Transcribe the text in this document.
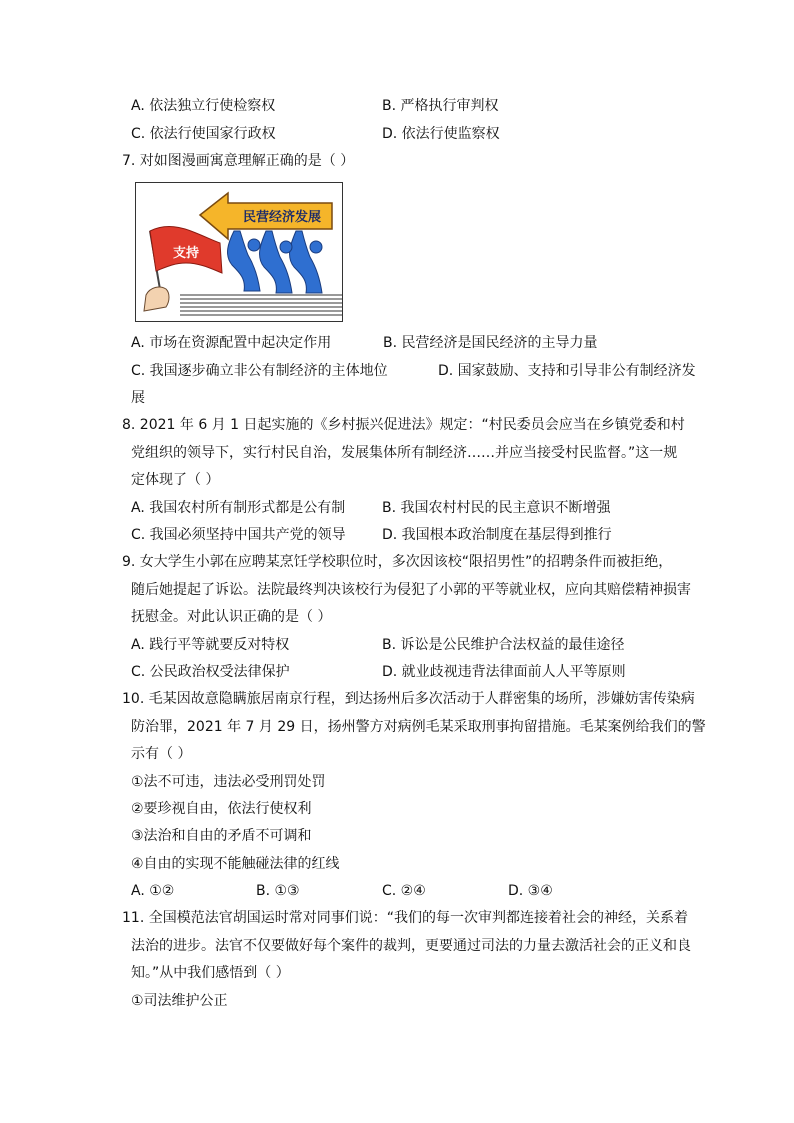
A. 依法独立行使检察权	B. 严格执行审判权
C. 依法行使国家行政权	D. 依法行使监察权
7. 对如图漫画寓意理解正确的是（ ）
民营经济发展
支持
A. 市场在资源配置中起决定作用	B. 民营经济是国民经济的主导力量
C. 我国逐步确立非公有制经济的主体地位	D. 国家鼓励、支持和引导非公有制经济发
展
8. 2021 年 6 月 1 日起实施的《乡村振兴促进法》规定：“村民委员会应当在乡镇党委和村
党组织的领导下，实行村民自治，发展集体所有制经济……并应当接受村民监督。”这一规
定体现了（ ）
A. 我国农村所有制形式都是公有制	B. 我国农村村民的民主意识不断增强
C. 我国必须坚持中国共产党的领导	D. 我国根本政治制度在基层得到推行
9. 女大学生小郭在应聘某烹饪学校职位时，多次因该校“限招男性”的招聘条件而被拒绝，
随后她提起了诉讼。法院最终判决该校行为侵犯了小郭的平等就业权，应向其赔偿精神损害
抚慰金。对此认识正确的是（ ）
A. 践行平等就要反对特权	B. 诉讼是公民维护合法权益的最佳途径
C. 公民政治权受法律保护	D. 就业歧视违背法律面前人人平等原则
10. 毛某因故意隐瞒旅居南京行程，到达扬州后多次活动于人群密集的场所，涉嫌妨害传染病
防治罪，2021 年 7 月 29 日，扬州警方对病例毛某采取刑事拘留措施。毛某案例给我们的警
示有（ ）
①法不可违，违法必受刑罚处罚
②要珍视自由，依法行使权利
③法治和自由的矛盾不可调和
④自由的实现不能触碰法律的红线
A. ①②	B. ①③	C. ②④	D. ③④
11. 全国模范法官胡国运时常对同事们说：“我们的每一次审判都连接着社会的神经，关系着
法治的进步。法官不仅要做好每个案件的裁判，更要通过司法的力量去激活社会的正义和良
知。”从中我们感悟到（ ）
①司法维护公正
